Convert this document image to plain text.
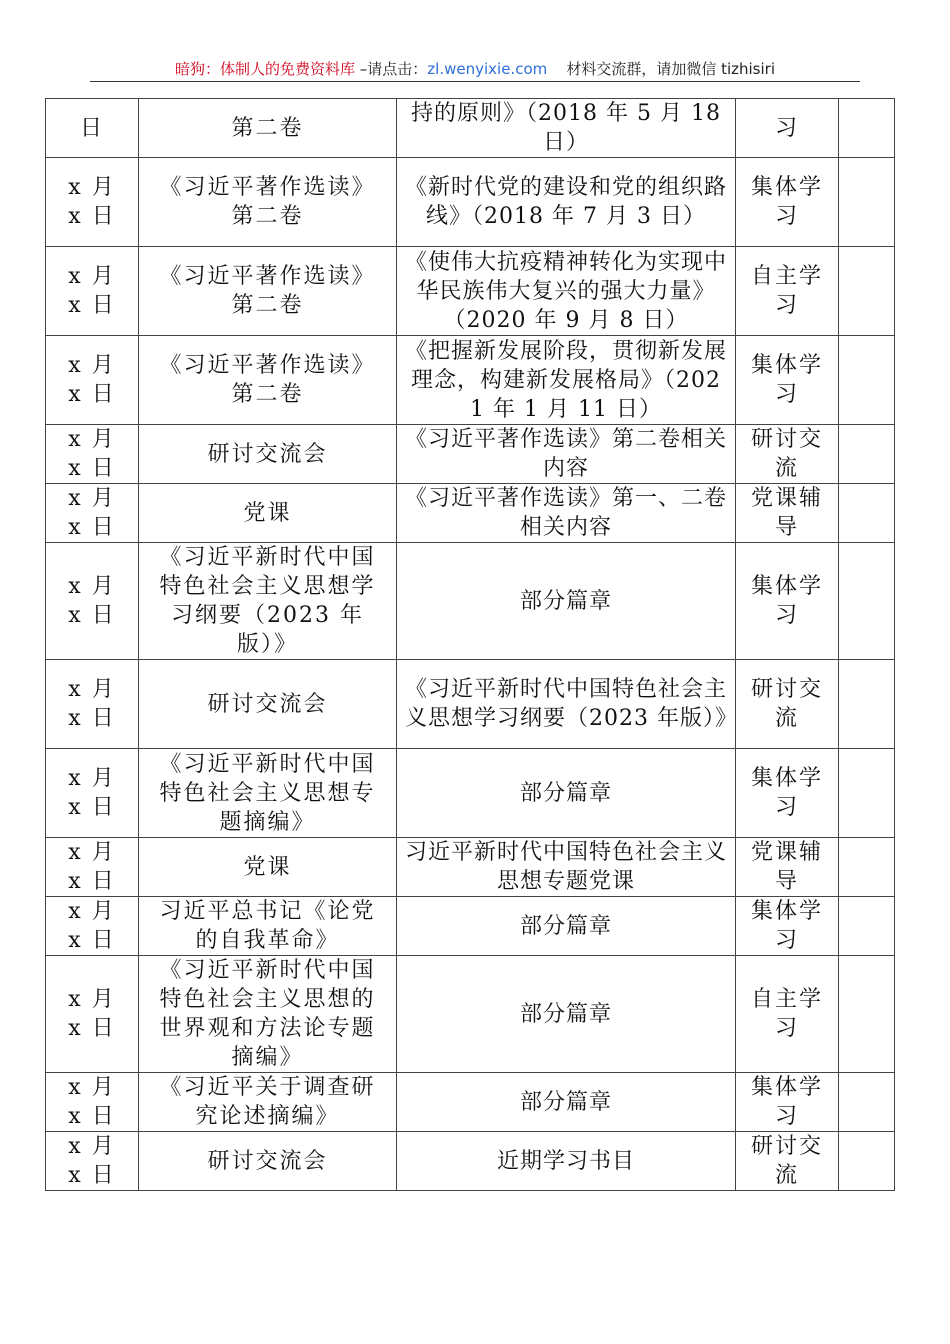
暗狗：体制人的免费资料库 –请点击：zl.wenyixie.com 材料交流群，请加微信 tizhisiri
日	第二卷	持的原则》（2018 年 5 月 18 日）	习	
x 月 x 日	《习近平著作选读》第二卷	《新时代党的建设和党的组织路线》（2018 年 7 月 3 日）	集体学习	
x 月 x 日	《习近平著作选读》第二卷	《使伟大抗疫精神转化为实现中华民族伟大复兴的强大力量》（2020 年 9 月 8 日）	自主学习	
x 月 x 日	《习近平著作选读》第二卷	《把握新发展阶段，贯彻新发展理念，构建新发展格局》（2021 年 1 月 11 日）	集体学习	
x 月 x 日	研讨交流会	《习近平著作选读》第二卷相关内容	研讨交流	
x 月 x 日	党课	《习近平著作选读》第一、二卷相关内容	党课辅导	
x 月 x 日	《习近平新时代中国特色社会主义思想学习纲要（2023 年版）》	部分篇章	集体学习	
x 月 x 日	研讨交流会	《习近平新时代中国特色社会主义思想学习纲要（2023 年版）》	研讨交流	
x 月 x 日	《习近平新时代中国特色社会主义思想专题摘编》	部分篇章	集体学习	
x 月 x 日	党课	习近平新时代中国特色社会主义思想专题党课	党课辅导	
x 月 x 日	习近平总书记《论党的自我革命》	部分篇章	集体学习	
x 月 x 日	《习近平新时代中国特色社会主义思想的世界观和方法论专题摘编》	部分篇章	自主学习	
x 月 x 日	《习近平关于调查研究论述摘编》	部分篇章	集体学习	
x 月 x 日	研讨交流会	近期学习书目	研讨交流	
